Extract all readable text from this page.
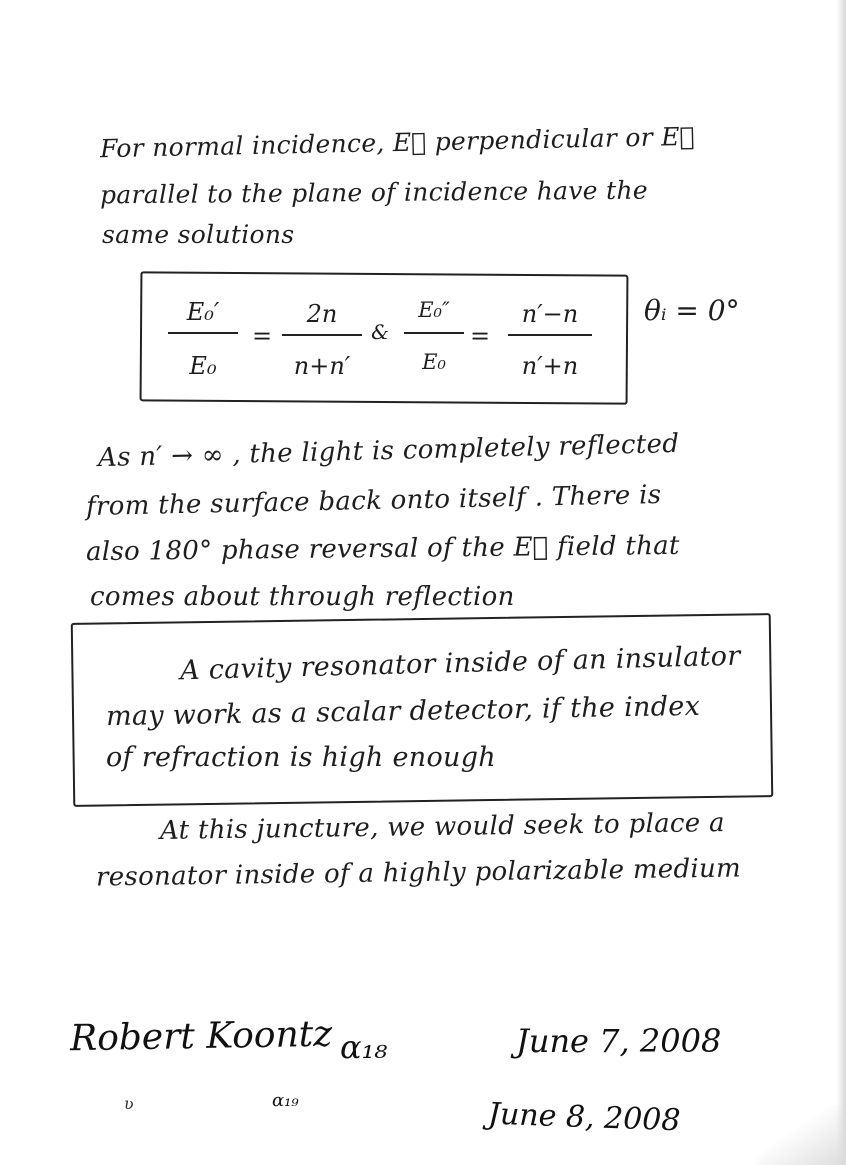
For normal incidence, E⃗ perpendicular or E⃗
parallel to the plane of incidence have the
same solutions
E₀′
E₀
=
2n
n+n′
&
E₀″
E₀
=
n′−n
n′+n
θᵢ = 0°
As n′ → ∞ , the light is completely reflected
from the surface back onto itself . There is
also 180° phase reversal of the E⃗ field that
comes about through reflection
A cavity resonator inside of an insulator
may work as a scalar detector, if the index
of refraction is high enough
At this juncture, we would seek to place a
resonator inside of a highly polarizable medium
Robert Koontz α₁₈	June 7, 2008
ʋ	α₁₉	June 8, 2008
